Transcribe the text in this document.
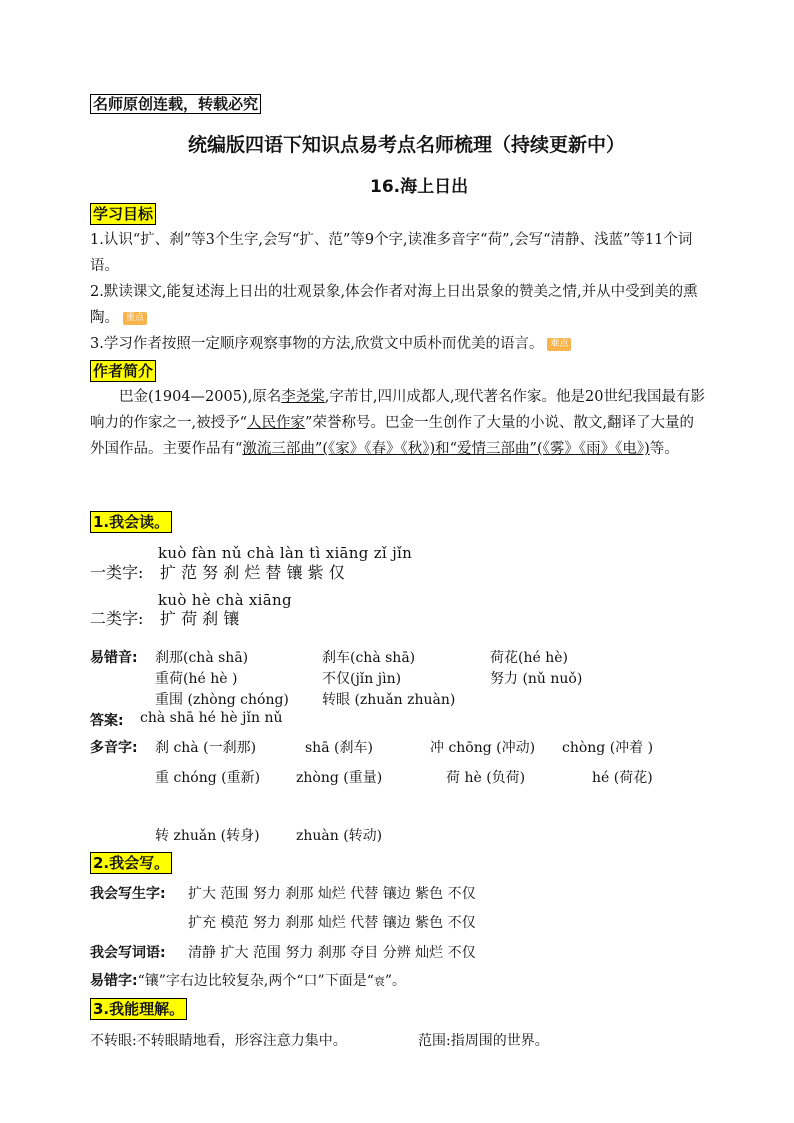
名师原创连载，转载必究
统编版四语下知识点易考点名师梳理（持续更新中）
16.海上日出
学习目标
1.认识“扩、刹”等3个生字,会写“扩、范”等9个字,读准多音字“荷”,会写“清静、浅蓝”等11个词语。
2.默读课文,能复述海上日出的壮观景象,体会作者对海上日出景象的赞美之情,并从中受到美的熏陶。 重点
3.学习作者按照一定顺序观察事物的方法,欣赏文中质朴而优美的语言。 难点
作者简介
巴金(1904—2005),原名李尧棠,字芾甘,四川成都人,现代著名作家。他是20世纪我国最有影响力的作家之一,被授予“人民作家”荣誉称号。巴金一生创作了大量的小说、散文,翻译了大量的外国作品。主要作品有“激流三部曲”(《家》《春》《秋》)和“爱情三部曲”(《雾》《雨》《电》)等。
1.我会读。
kuò fàn nǔ chà làn tì xiāng zǐ jǐn
一类字: 扩 范 努 刹 烂 替 镶 紫 仅
kuò hè chà xiāng
二类字: 扩 荷 刹 镶
易错音: 刹那(chà shā)	刹车(chà shā)	荷花(hé hè)
重荷(hé hè )	不仅(jǐn jìn)	努力 (nǔ nuǒ)
重围 (zhòng chóng) 转眼 (zhuǎn zhuàn)
答案: chà shā hé hè jǐn nǔ
多音字: 刹 chà (一刹那)	shā (刹车)	冲 chōng (冲动) chòng (冲着 )
重 chóng (重新)	zhòng (重量)	荷 hè (负荷)	hé (荷花)
转 zhuǎn (转身)	zhuàn (转动)
2.我会写。
我会写生字: 扩大 范围 努力 刹那 灿烂 代替 镶边 紫色 不仅
扩充 模范 努力 刹那 灿烂 代替 镶边 紫色 不仅
我会写词语: 清静 扩大 范围 努力 刹那 夺目 分辨 灿烂 不仅
易错字:“镶”字右边比较复杂,两个“口”下面是“衰”。
3.我能理解。
不转眼:不转眼睛地看，形容注意力集中。	范围:指周围的世界。
